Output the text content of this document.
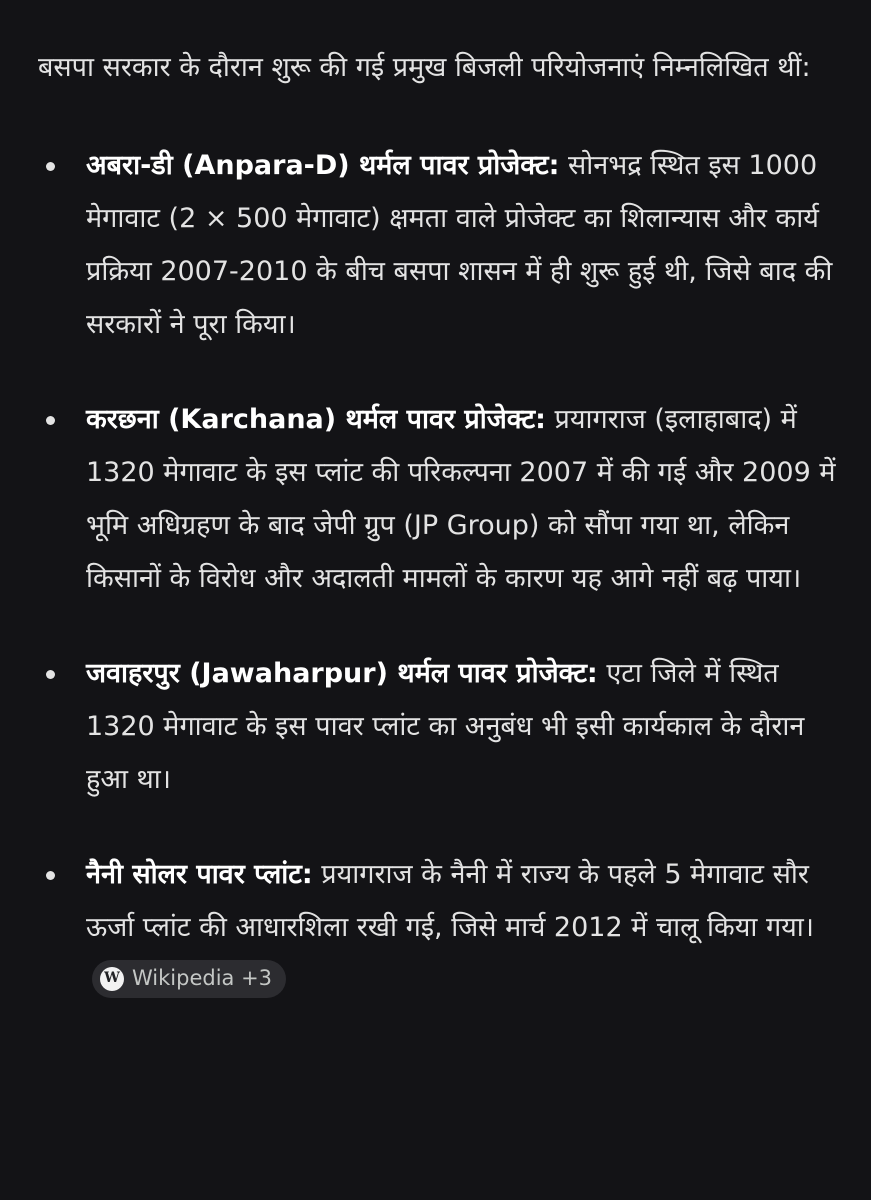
बसपा सरकार के दौरान शुरू की गई प्रमुख बिजली परियोजनाएं निम्नलिखित थीं:

अबरा-डी (Anpara-D) थर्मल पावर प्रोजेक्ट: सोनभद्र स्थित इस 1000 मेगावाट (2 × 500 मेगावाट) क्षमता वाले प्रोजेक्ट का शिलान्यास और कार्य प्रक्रिया 2007-2010 के बीच बसपा शासन में ही शुरू हुई थी, जिसे बाद की सरकारों ने पूरा किया।
करछना (Karchana) थर्मल पावर प्रोजेक्ट: प्रयागराज (इलाहाबाद) में 1320 मेगावाट के इस प्लांट की परिकल्पना 2007 में की गई और 2009 में भूमि अधिग्रहण के बाद जेपी ग्रुप (JP Group) को सौंपा गया था, लेकिन किसानों के विरोध और अदालती मामलों के कारण यह आगे नहीं बढ़ पाया।
जवाहरपुर (Jawaharpur) थर्मल पावर प्रोजेक्ट: एटा जिले में स्थित 1320 मेगावाट के इस पावर प्लांट का अनुबंध भी इसी कार्यकाल के दौरान हुआ था।
नैनी सोलर पावर प्लांट: प्रयागराज के नैनी में राज्य के पहले 5 मेगावाट सौर ऊर्जा प्लांट की आधारशिला रखी गई, जिसे मार्च 2012 में चालू किया गया।
W Wikipedia +3
